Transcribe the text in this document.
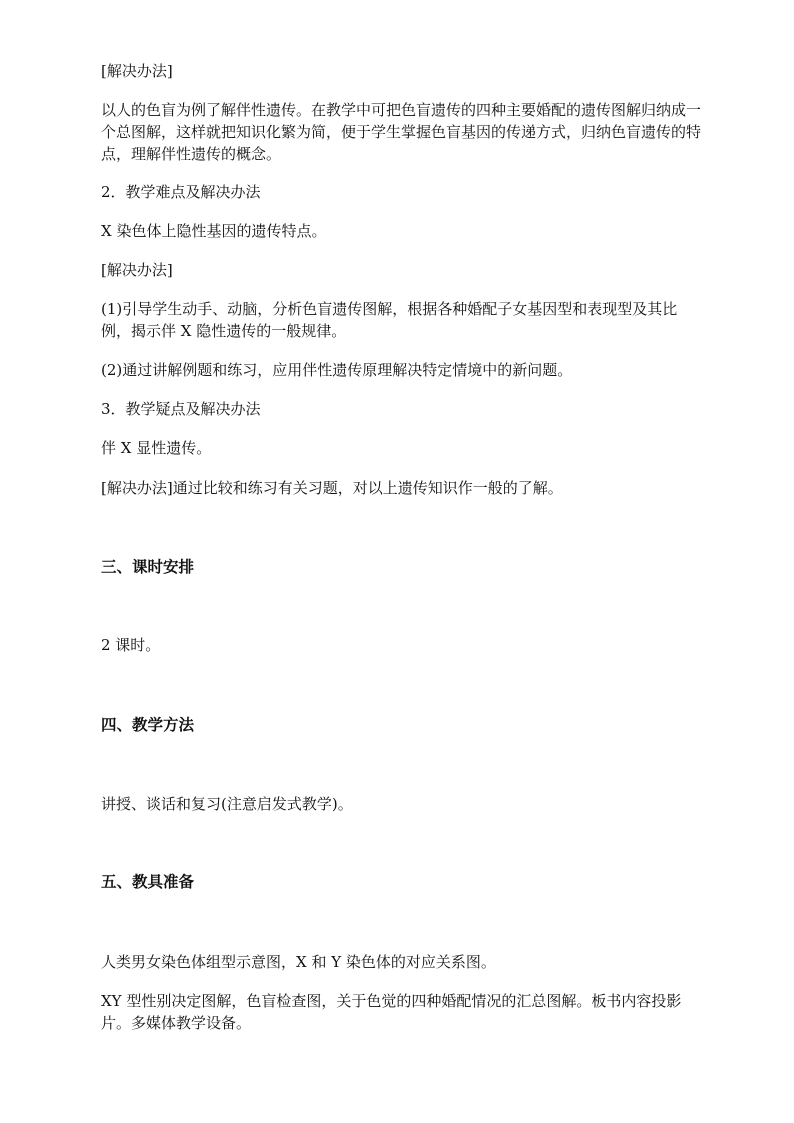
[解决办法]
以人的色盲为例了解伴性遗传。在教学中可把色盲遗传的四种主要婚配的遗传图解归纳成一个总图解，这样就把知识化繁为简，便于学生掌握色盲基因的传递方式，归纳色盲遗传的特点，理解伴性遗传的概念。
2．教学难点及解决办法
X 染色体上隐性基因的遗传特点。
[解决办法]
(1)引导学生动手、动脑，分析色盲遗传图解，根据各种婚配子女基因型和表现型及其比例，揭示伴 X 隐性遗传的一般规律。
(2)通过讲解例题和练习，应用伴性遗传原理解决特定情境中的新问题。
3．教学疑点及解决办法
伴 X 显性遗传。
[解决办法]通过比较和练习有关习题，对以上遗传知识作一般的了解。
三、课时安排
2 课时。
四、教学方法
讲授、谈话和复习(注意启发式教学)。
五、教具准备
人类男女染色体组型示意图，X 和 Y 染色体的对应关系图。
XY 型性别决定图解，色盲检查图，关于色觉的四种婚配情况的汇总图解。板书内容投影片。多媒体教学设备。
